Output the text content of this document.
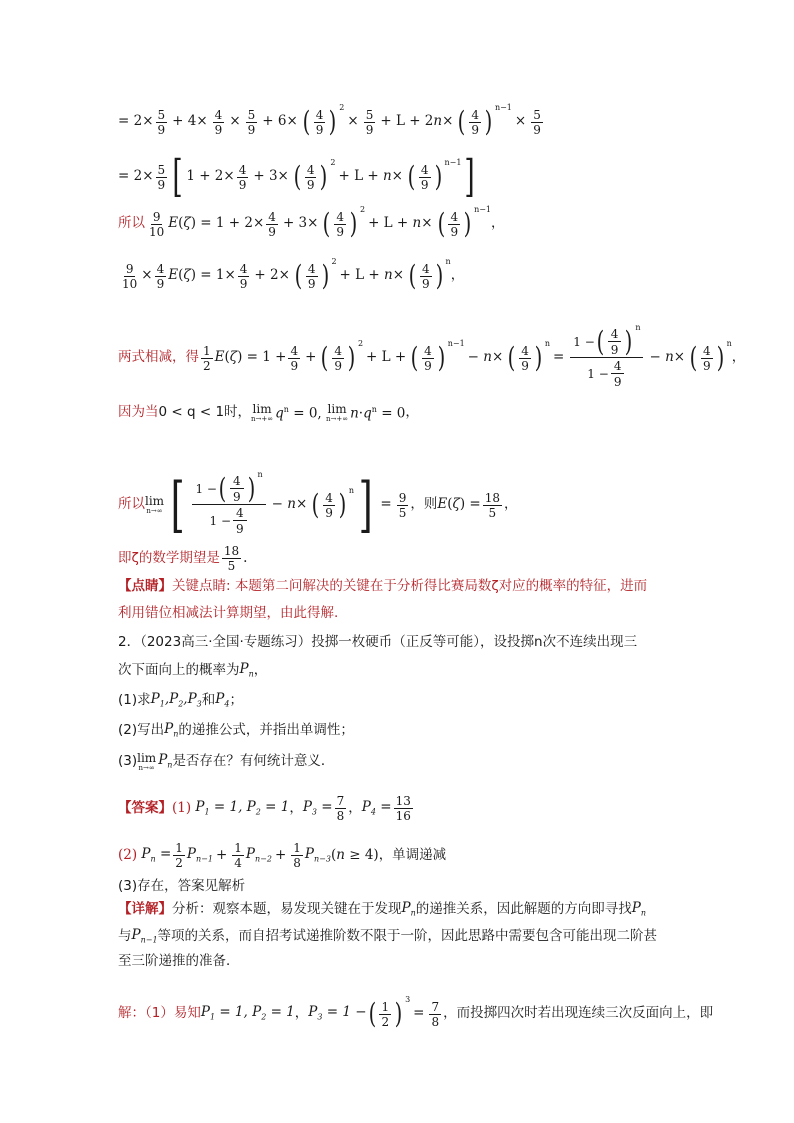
= $2\times \frac{5}{9} + 4\times \frac{4}{9} \times \frac{5}{9} + 6\times$ ( $\frac{4}{9}$ ) 2
× $\frac{5}{9} + L + 2n\times$ ( $\frac{4}{9}$ ) n−1
× $\frac{5}{9}$
= $2\times \frac{5}{9}$ [ $1 + 2\times \frac{4}{9} + 3\times$ ( $\frac{4}{9}$ ) 2
+ L + n× ( $\frac{4}{9}$ ) n−1 ]
所以 $\frac{9}{10}$ E ( ζ ) = $1 + 2\times \frac{4}{9} + 3\times$ ( $\frac{4}{9}$ ) 2
+ L + n× ( $\frac{4}{9}$ ) n−1
，
$\frac{9}{10} \times \frac{4}{9}$ E ( ζ ) = $1\times \frac{4}{9} + 2\times$ ( $\frac{4}{9}$ ) 2
+ L + n× ( $\frac{4}{9}$ ) n
，
两式相减，得 $\frac{1}{2}$ E ( ζ ) = $1 + \frac{4}{9}$ + ( $\frac{4}{9}$ ) 2
+ L + ( $\frac{4}{9}$ ) n−1
− n× ( $\frac{4}{9}$ ) n
= $\frac{1 - ( \frac{4}{9} ) n}{1 - \frac{4}{9}} - n\times$ ( $\frac{4}{9}$ ) n
，
因为当 0 < q < 1时， lim
n→+∞ $q^n = 0$, lim
n→+∞ $n\cdot q^n = 0$ ，
所以 lim
n→∞ [ $\frac{1 - ( \frac{4}{9} ) n}{1 - \frac{4}{9}} - n\times$ ( $\frac{4}{9}$ ) n ] = $\frac{9}{5}$ ，则 E ( ζ ) = $\frac{18}{5}$ ，
即ζ的数学期望是 $\frac{18}{5}$ .
【点睛】 关键点睛: 本题第二问解决的关键在于分析得比赛局数ζ对应的概率的特征，进而
利用错位相减法计算期望，由此得解.
2．（2023高三·全国·专题练习）投掷一枚硬币（正反等可能），设投掷n次不连续出现三
次下面向上的概率为 $P_n$ ，
(1)求 $P_1,P_2,P_3$ 和 $P_4$ ；
(2)写出 $P_n$ 的递推公式，并指出单调性；
(3) lim
n→∞ $P_n$ 是否存在？有何统计意义．
【答案】 (1) $P_1 = 1$, $P_2 = 1$ ， $P_3 = \frac{7}{8}$ ， $P_4 = \frac{13}{16}$
(2) $P_n = \frac{1}{2} P_{n-1} + \frac{1}{4} P_{n-2} + \frac{1}{8} P_{n-3}$ (n ≥ 4) ，单调递减
(3)存在，答案见解析
【详解】 分析：观察本题，易发现关键在于发现 $P_n$ 的递推关系，因此解题的方向即寻找 $P_n$
与 $P_{n-1}$ 等项的关系，而自招考试递推阶数不限于一阶，因此思路中需要包含可能出现二阶甚
至三阶递推的准备．
解：（1）易知 $P_1 = 1$, $P_2 = 1$ ， $P_3 = 1$ − ( $\frac{1}{2}$ ) 3
= $\frac{7}{8}$ ，而投掷四次时若出现连续三次反面向上，即
